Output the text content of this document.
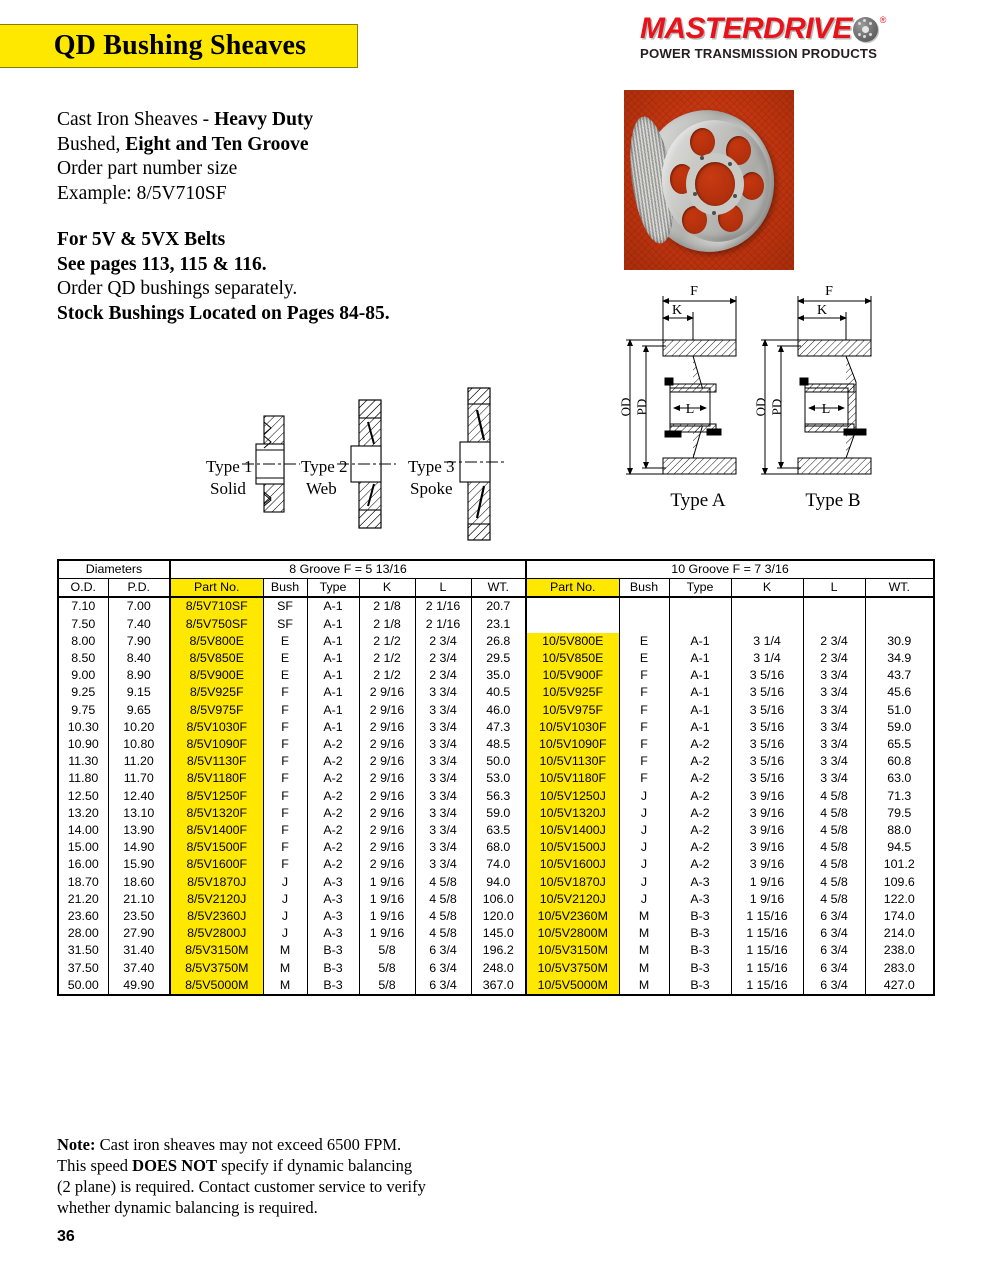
QD Bushing Sheaves
MASTERDRIVE	®
POWER TRANSMISSION PRODUCTS
Cast Iron Sheaves - Heavy Duty
Bushed, Eight and Ten Groove
Order part number size
Example: 8/5V710SF
For 5V & 5VX Belts
See pages 113, 115 & 116.
Order QD bushings separately.
Stock Bushings Located on Pages 84-85.
Type 1
Solid
Type 2
Web
Type 3
Spoke
F
K
L
OD PD
Type A
F
K
L
OD PD
Type B
Diameters		8 Groove F = 5 13/16						10 Groove F = 7 3/16					
O.D.	P.D.	Part No.	Bush	Type	K	L	WT.	Part No.	Bush	Type	K	L	WT.
7.10	7.00	8/5V710SF	SF	A-1	2 1/8	2 1/16	20.7						
7.50	7.40	8/5V750SF	SF	A-1	2 1/8	2 1/16	23.1						
8.00	7.90	8/5V800E	E	A-1	2 1/2	2 3/4	26.8	10/5V800E	E	A-1	3 1/4	2 3/4	30.9
8.50	8.40	8/5V850E	E	A-1	2 1/2	2 3/4	29.5	10/5V850E	E	A-1	3 1/4	2 3/4	34.9
9.00	8.90	8/5V900E	E	A-1	2 1/2	2 3/4	35.0	10/5V900F	F	A-1	3 5/16	3 3/4	43.7
9.25	9.15	8/5V925F	F	A-1	2 9/16	3 3/4	40.5	10/5V925F	F	A-1	3 5/16	3 3/4	45.6
9.75	9.65	8/5V975F	F	A-1	2 9/16	3 3/4	46.0	10/5V975F	F	A-1	3 5/16	3 3/4	51.0
10.30	10.20	8/5V1030F	F	A-1	2 9/16	3 3/4	47.3	10/5V1030F	F	A-1	3 5/16	3 3/4	59.0
10.90	10.80	8/5V1090F	F	A-2	2 9/16	3 3/4	48.5	10/5V1090F	F	A-2	3 5/16	3 3/4	65.5
11.30	11.20	8/5V1130F	F	A-2	2 9/16	3 3/4	50.0	10/5V1130F	F	A-2	3 5/16	3 3/4	60.8
11.80	11.70	8/5V1180F	F	A-2	2 9/16	3 3/4	53.0	10/5V1180F	F	A-2	3 5/16	3 3/4	63.0
12.50	12.40	8/5V1250F	F	A-2	2 9/16	3 3/4	56.3	10/5V1250J	J	A-2	3 9/16	4 5/8	71.3
13.20	13.10	8/5V1320F	F	A-2	2 9/16	3 3/4	59.0	10/5V1320J	J	A-2	3 9/16	4 5/8	79.5
14.00	13.90	8/5V1400F	F	A-2	2 9/16	3 3/4	63.5	10/5V1400J	J	A-2	3 9/16	4 5/8	88.0
15.00	14.90	8/5V1500F	F	A-2	2 9/16	3 3/4	68.0	10/5V1500J	J	A-2	3 9/16	4 5/8	94.5
16.00	15.90	8/5V1600F	F	A-2	2 9/16	3 3/4	74.0	10/5V1600J	J	A-2	3 9/16	4 5/8	101.2
18.70	18.60	8/5V1870J	J	A-3	1 9/16	4 5/8	94.0	10/5V1870J	J	A-3	1 9/16	4 5/8	109.6
21.20	21.10	8/5V2120J	J	A-3	1 9/16	4 5/8	106.0	10/5V2120J	J	A-3	1 9/16	4 5/8	122.0
23.60	23.50	8/5V2360J	J	A-3	1 9/16	4 5/8	120.0	10/5V2360M	M	B-3	1 15/16	6 3/4	174.0
28.00	27.90	8/5V2800J	J	A-3	1 9/16	4 5/8	145.0	10/5V2800M	M	B-3	1 15/16	6 3/4	214.0
31.50	31.40	8/5V3150M	M	B-3	5/8	6 3/4	196.2	10/5V3150M	M	B-3	1 15/16	6 3/4	238.0
37.50	37.40	8/5V3750M	M	B-3	5/8	6 3/4	248.0	10/5V3750M	M	B-3	1 15/16	6 3/4	283.0
50.00	49.90	8/5V5000M	M	B-3	5/8	6 3/4	367.0	10/5V5000M	M	B-3	1 15/16	6 3/4	427.0
Note: Cast iron sheaves may not exceed 6500 FPM.
This speed DOES NOT specify if dynamic balancing
(2 plane) is required. Contact customer service to verify
whether dynamic balancing is required.
36
